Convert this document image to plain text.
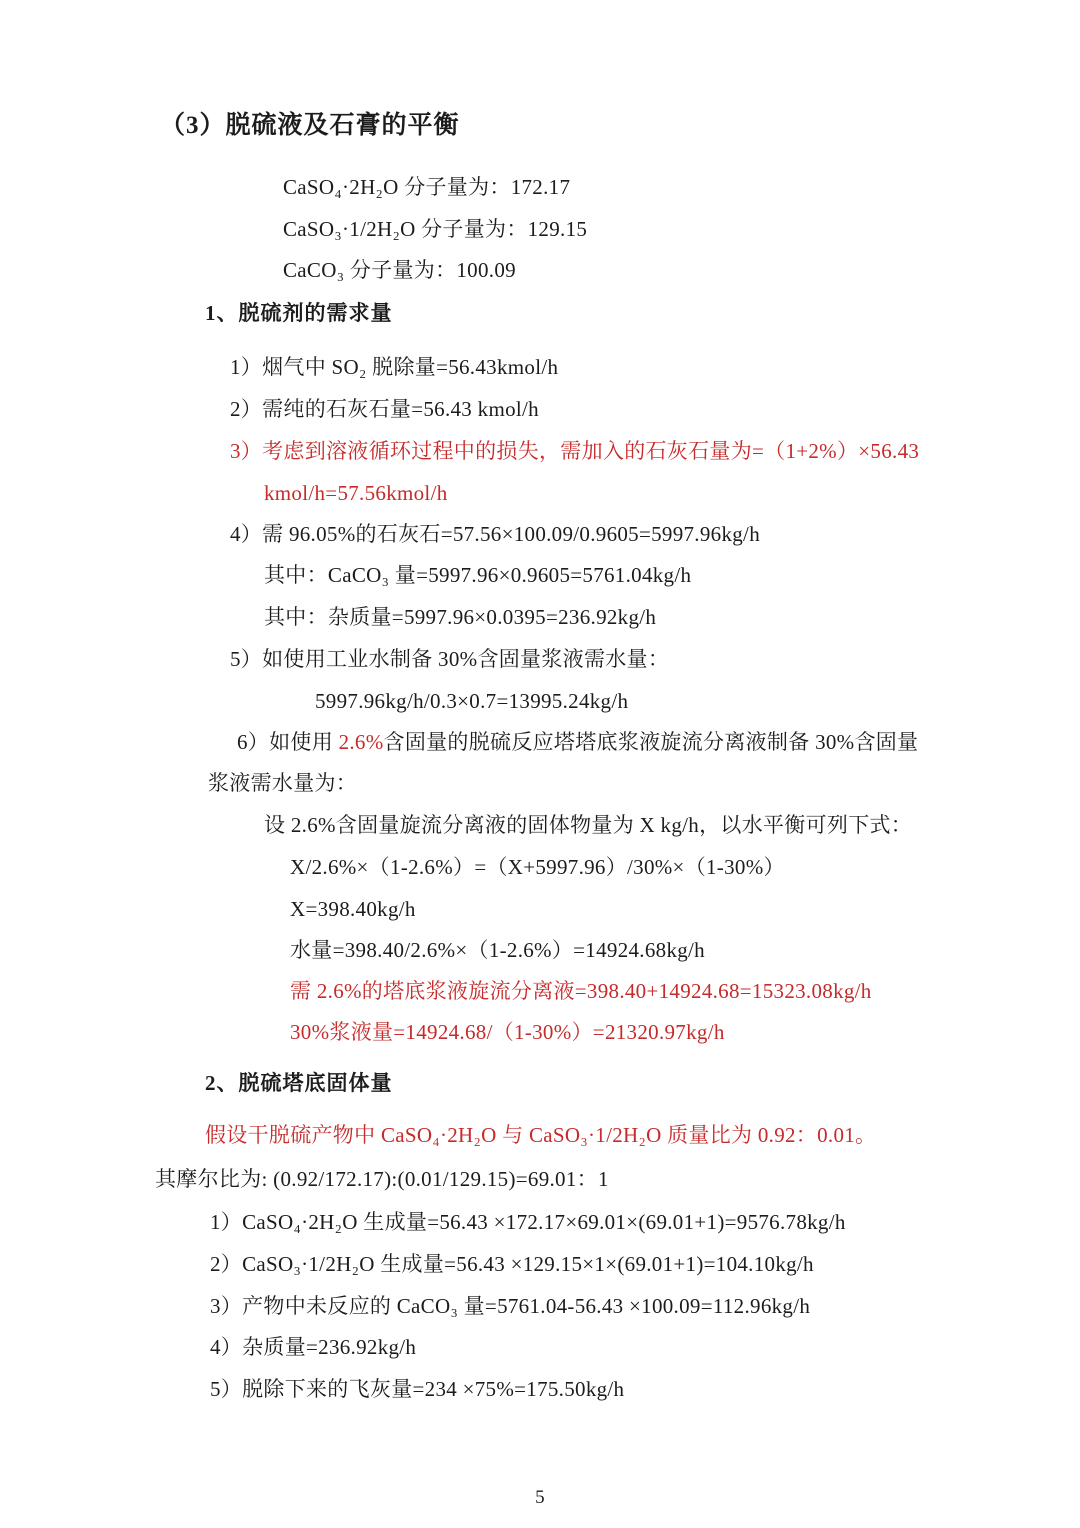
（3）脱硫液及石膏的平衡
CaSO₄·2H₂O 分子量为：172.17
CaSO₃·1/2H₂O 分子量为：129.15
CaCO₃ 分子量为：100.09
1、脱硫剂的需求量
1）烟气中 SO₂ 脱除量=56.43kmol/h
2）需纯的石灰石量=56.43 kmol/h
3）考虑到溶液循环过程中的损失，需加入的石灰石量为=（1+2%）×56.43
kmol/h=57.56kmol/h
4）需 96.05%的石灰石=57.56×100.09/0.9605=5997.96kg/h
其中：CaCO₃ 量=5997.96×0.9605=5761.04kg/h
其中：杂质量=5997.96×0.0395=236.92kg/h
5）如使用工业水制备 30%含固量浆液需水量：
5997.96kg/h/0.3×0.7=13995.24kg/h
6）如使用 2.6%含固量的脱硫反应塔塔底浆液旋流分离液制备 30%含固量
浆液需水量为：
设 2.6%含固量旋流分离液的固体物量为 X kg/h，以水平衡可列下式：
X/2.6%×（1-2.6%）=（X+5997.96）/30%×（1-30%）
X=398.40kg/h
水量=398.40/2.6%×（1-2.6%）=14924.68kg/h
需 2.6%的塔底浆液旋流分离液=398.40+14924.68=15323.08kg/h
30%浆液量=14924.68/（1-30%）=21320.97kg/h
2、脱硫塔底固体量
假设干脱硫产物中 CaSO₄·2H₂O 与 CaSO₃·1/2H₂O 质量比为 0.92：0.01。
其摩尔比为: (0.92/172.17):(0.01/129.15)=69.01：1
1）CaSO₄·2H₂O 生成量=56.43 ×172.17×69.01×(69.01+1)=9576.78kg/h
2）CaSO₃·1/2H₂O 生成量=56.43 ×129.15×1×(69.01+1)=104.10kg/h
3）产物中未反应的 CaCO₃ 量=5761.04-56.43 ×100.09=112.96kg/h
4）杂质量=236.92kg/h
5）脱除下来的飞灰量=234 ×75%=175.50kg/h
5
